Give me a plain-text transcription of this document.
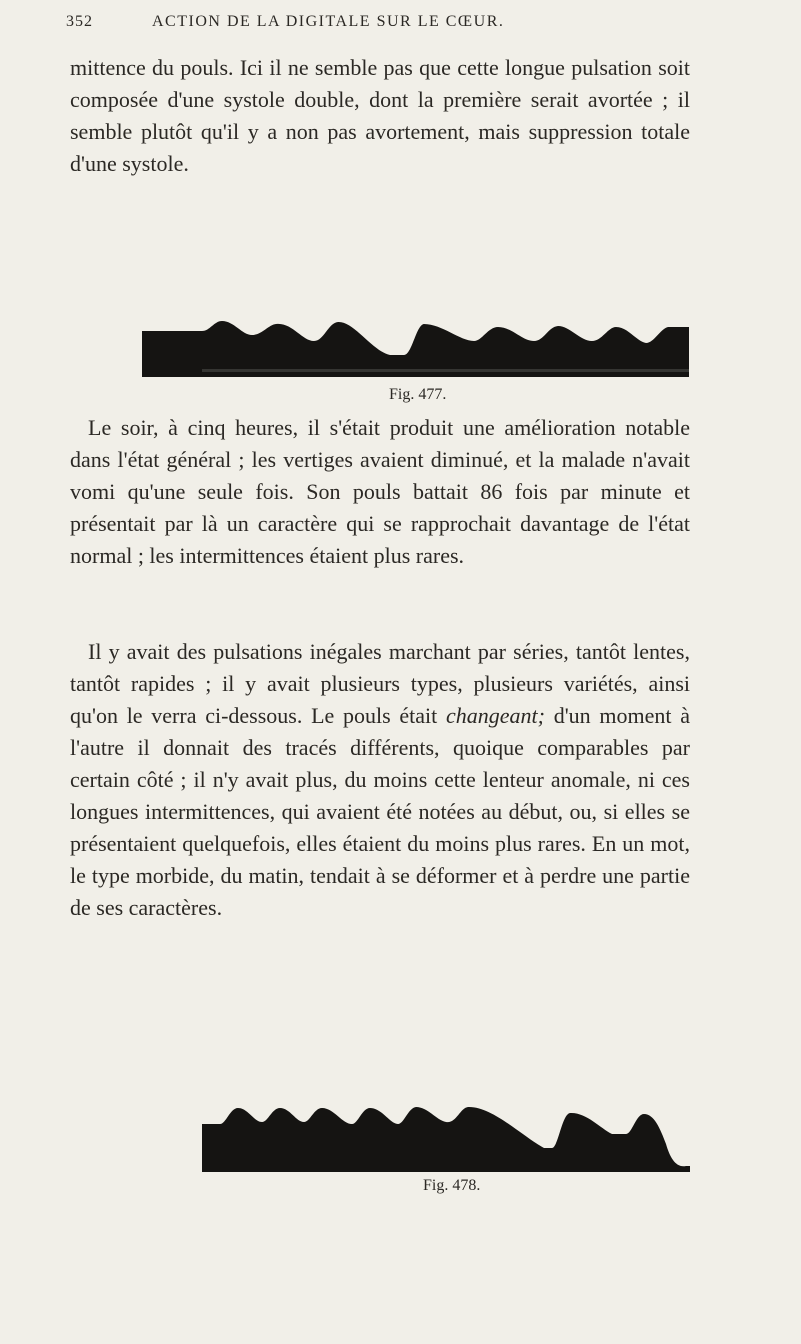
352	ACTION DE LA DIGITALE SUR LE CŒUR.

mittence du pouls. Ici il ne semble pas que cette longue pulsation soit composée d'une systole double, dont la première serait avortée ; il semble plutôt qu'il y a non pas avortement, mais suppression totale d'une systole.

Fig. 477.

Le soir, à cinq heures, il s'était produit une amélioration notable dans l'état général ; les vertiges avaient diminué, et la malade n'avait vomi qu'une seule fois. Son pouls battait 86 fois par minute et présentait par là un caractère qui se rapprochait davantage de l'état normal ; les intermittences étaient plus rares.

Il y avait des pulsations inégales marchant par séries, tantôt lentes, tantôt rapides ; il y avait plusieurs types, plusieurs variétés, ainsi qu'on le verra ci-dessous. Le pouls était changeant; d'un moment à l'autre il donnait des tracés différents, quoique comparables par certain côté ; il n'y avait plus, du moins cette lenteur anomale, ni ces longues intermittences, qui avaient été notées au début, ou, si elles se présentaient quelquefois, elles étaient du moins plus rares. En un mot, le type morbide, du matin, tendait à se déformer et à perdre une partie de ses caractères.

Fig. 478.
